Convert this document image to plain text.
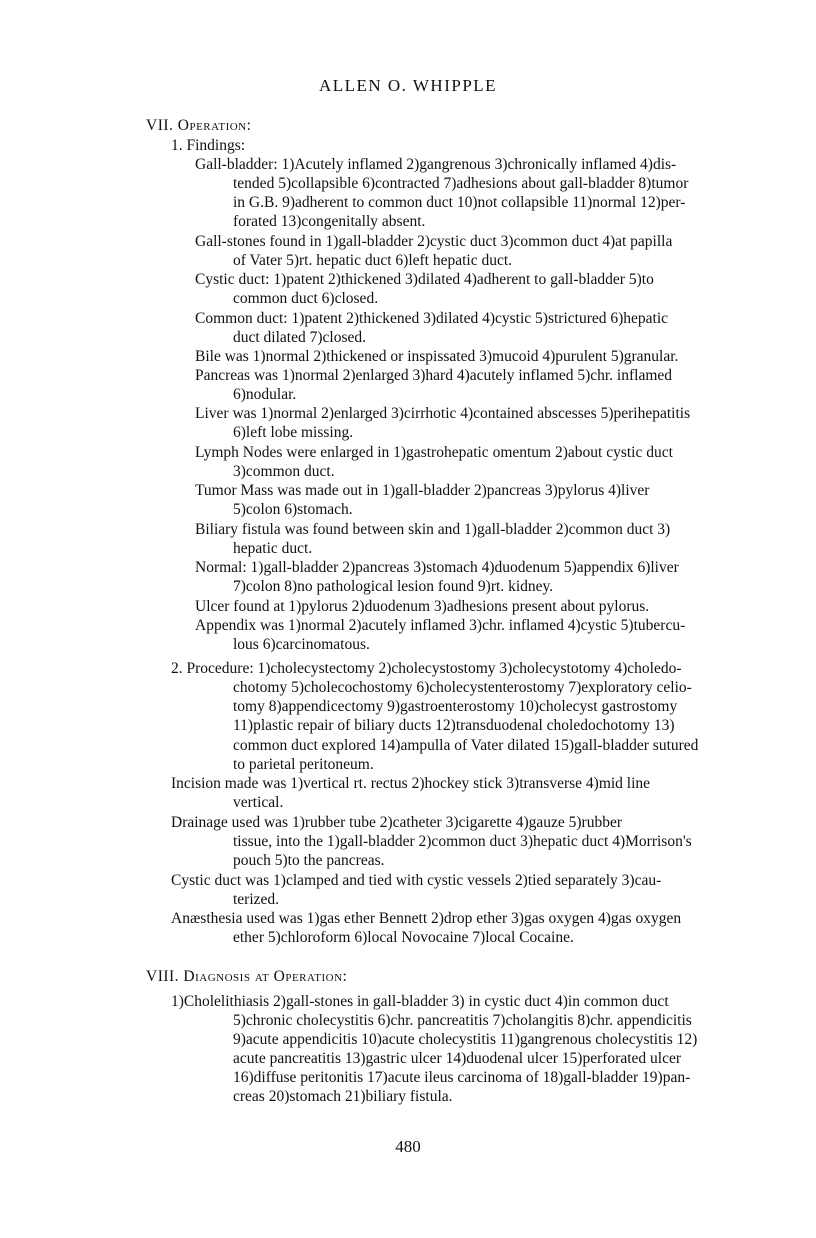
ALLEN O. WHIPPLE
VII. Operation:
1. Findings:
Gall-bladder: 1)Acutely inflamed 2)gangrenous 3)chronically inflamed 4)dis-
tended 5)collapsible 6)contracted 7)adhesions about gall-bladder 8)tumor
in G.B. 9)adherent to common duct 10)not collapsible 11)normal 12)per-
forated 13)congenitally absent.
Gall-stones found in 1)gall-bladder 2)cystic duct 3)common duct 4)at papilla
of Vater 5)rt. hepatic duct 6)left hepatic duct.
Cystic duct: 1)patent 2)thickened 3)dilated 4)adherent to gall-bladder 5)to
common duct 6)closed.
Common duct: 1)patent 2)thickened 3)dilated 4)cystic 5)strictured 6)hepatic
duct dilated 7)closed.
Bile was 1)normal 2)thickened or inspissated 3)mucoid 4)purulent 5)granular.
Pancreas was 1)normal 2)enlarged 3)hard 4)acutely inflamed 5)chr. inflamed
6)nodular.
Liver was 1)normal 2)enlarged 3)cirrhotic 4)contained abscesses 5)perihepatitis
6)left lobe missing.
Lymph Nodes were enlarged in 1)gastrohepatic omentum 2)about cystic duct
3)common duct.
Tumor Mass was made out in 1)gall-bladder 2)pancreas 3)pylorus 4)liver
5)colon 6)stomach.
Biliary fistula was found between skin and 1)gall-bladder 2)common duct 3)
hepatic duct.
Normal: 1)gall-bladder 2)pancreas 3)stomach 4)duodenum 5)appendix 6)liver
7)colon 8)no pathological lesion found 9)rt. kidney.
Ulcer found at 1)pylorus 2)duodenum 3)adhesions present about pylorus.
Appendix was 1)normal 2)acutely inflamed 3)chr. inflamed 4)cystic 5)tubercu-
lous 6)carcinomatous.
2. Procedure: 1)cholecystectomy 2)cholecystostomy 3)cholecystotomy 4)choledo-
chotomy 5)cholecochostomy 6)cholecystenterostomy 7)exploratory celio-
tomy 8)appendicectomy 9)gastroenterostomy 10)cholecyst gastrostomy
11)plastic repair of biliary ducts 12)transduodenal choledochotomy 13)
common duct explored 14)ampulla of Vater dilated 15)gall-bladder sutured
to parietal peritoneum.
Incision made was 1)vertical rt. rectus 2)hockey stick 3)transverse 4)mid line
vertical.
Drainage used was 1)rubber tube 2)catheter 3)cigarette 4)gauze 5)rubber
tissue, into the 1)gall-bladder 2)common duct 3)hepatic duct 4)Morrison's
pouch 5)to the pancreas.
Cystic duct was 1)clamped and tied with cystic vessels 2)tied separately 3)cau-
terized.
Anæsthesia used was 1)gas ether Bennett 2)drop ether 3)gas oxygen 4)gas oxygen
ether 5)chloroform 6)local Novocaine 7)local Cocaine.
VIII. Diagnosis at Operation:
1)Cholelithiasis 2)gall-stones in gall-bladder 3) in cystic duct 4)in common duct
5)chronic cholecystitis 6)chr. pancreatitis 7)cholangitis 8)chr. appendicitis
9)acute appendicitis 10)acute cholecystitis 11)gangrenous cholecystitis 12)
acute pancreatitis 13)gastric ulcer 14)duodenal ulcer 15)perforated ulcer
16)diffuse peritonitis 17)acute ileus carcinoma of 18)gall-bladder 19)pan-
creas 20)stomach 21)biliary fistula.
480
